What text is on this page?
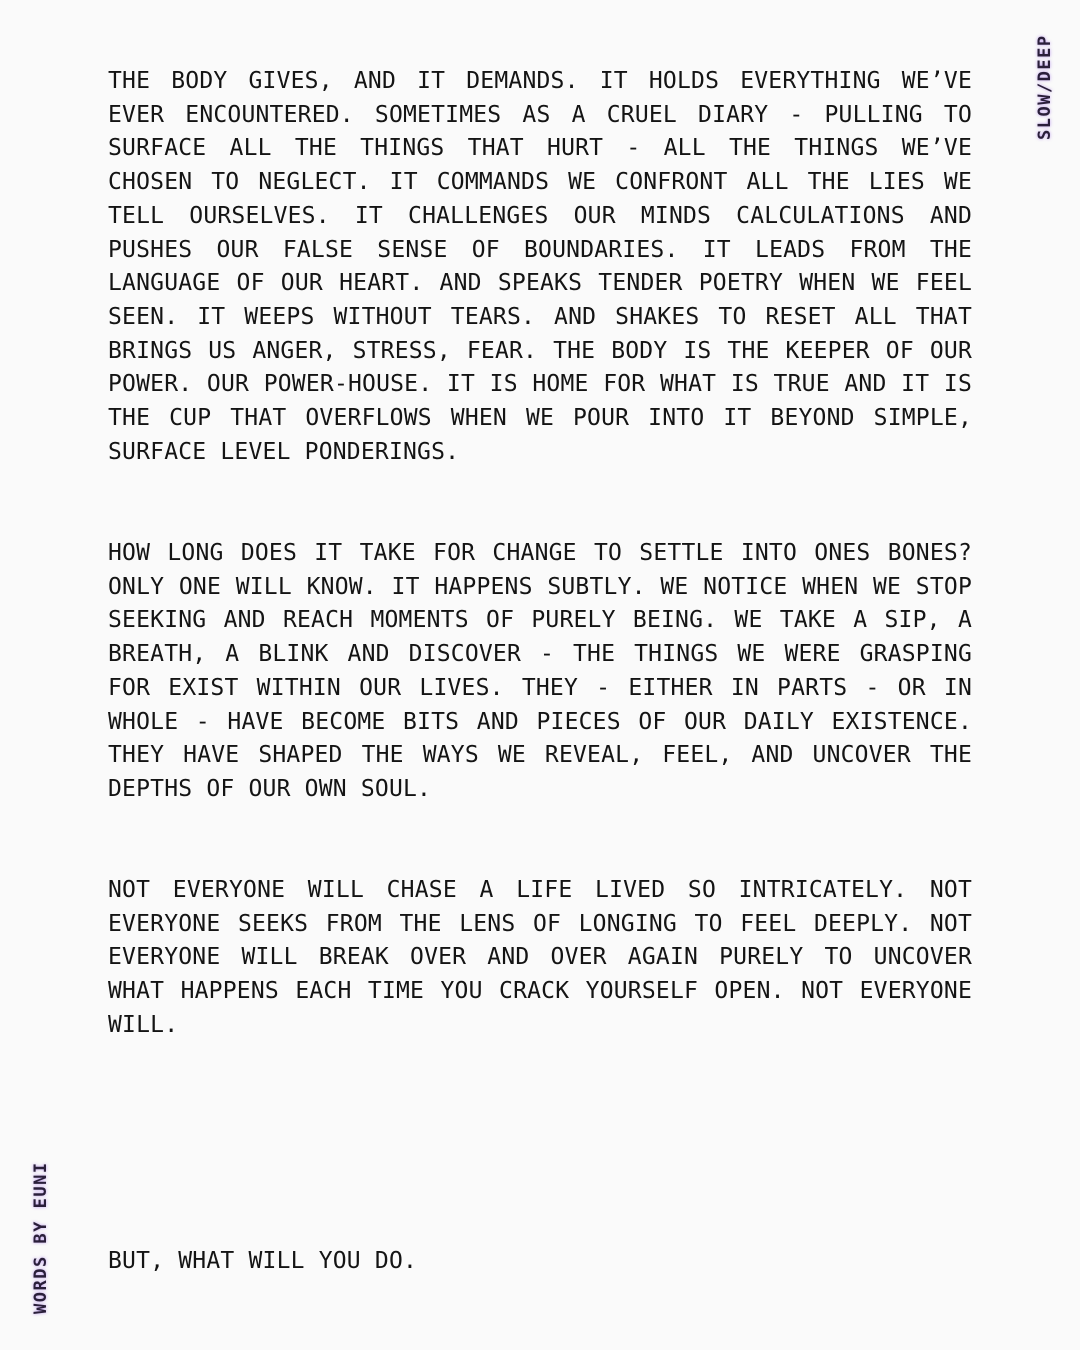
SLOW/DEEP

THE BODY GIVES, AND IT DEMANDS. IT HOLDS EVERYTHING WE’VE EVER ENCOUNTERED. SOMETIMES AS A CRUEL DIARY - PULLING TO SURFACE ALL THE THINGS THAT HURT - ALL THE THINGS WE’VE CHOSEN TO NEGLECT. IT COMMANDS WE CONFRONT ALL THE LIES WE TELL OURSELVES. IT CHALLENGES OUR MINDS CALCULATIONS AND PUSHES OUR FALSE SENSE OF BOUNDARIES. IT LEADS FROM THE LANGUAGE OF OUR HEART. AND SPEAKS TENDER POETRY WHEN WE FEEL SEEN. IT WEEPS WITHOUT TEARS. AND SHAKES TO RESET ALL THAT BRINGS US ANGER, STRESS, FEAR. THE BODY IS THE KEEPER OF OUR POWER. OUR POWER-HOUSE. IT IS HOME FOR WHAT IS TRUE AND IT IS THE CUP THAT OVERFLOWS WHEN WE POUR INTO IT BEYOND SIMPLE, SURFACE LEVEL PONDERINGS.

HOW LONG DOES IT TAKE FOR CHANGE TO SETTLE INTO ONES BONES? ONLY ONE WILL KNOW. IT HAPPENS SUBTLY. WE NOTICE WHEN WE STOP SEEKING AND REACH MOMENTS OF PURELY BEING. WE TAKE A SIP, A BREATH, A BLINK AND DISCOVER - THE THINGS WE WERE GRASPING FOR EXIST WITHIN OUR LIVES. THEY - EITHER IN PARTS - OR IN WHOLE - HAVE BECOME BITS AND PIECES OF OUR DAILY EXISTENCE. THEY HAVE SHAPED THE WAYS WE REVEAL, FEEL, AND UNCOVER THE DEPTHS OF OUR OWN SOUL.

NOT EVERYONE WILL CHASE A LIFE LIVED SO INTRICATELY. NOT EVERYONE SEEKS FROM THE LENS OF LONGING TO FEEL DEEPLY. NOT EVERYONE WILL BREAK OVER AND OVER AGAIN PURELY TO UNCOVER WHAT HAPPENS EACH TIME YOU CRACK YOURSELF OPEN. NOT EVERYONE WILL.

BUT, WHAT WILL YOU DO.

WORDS BY EUNI
